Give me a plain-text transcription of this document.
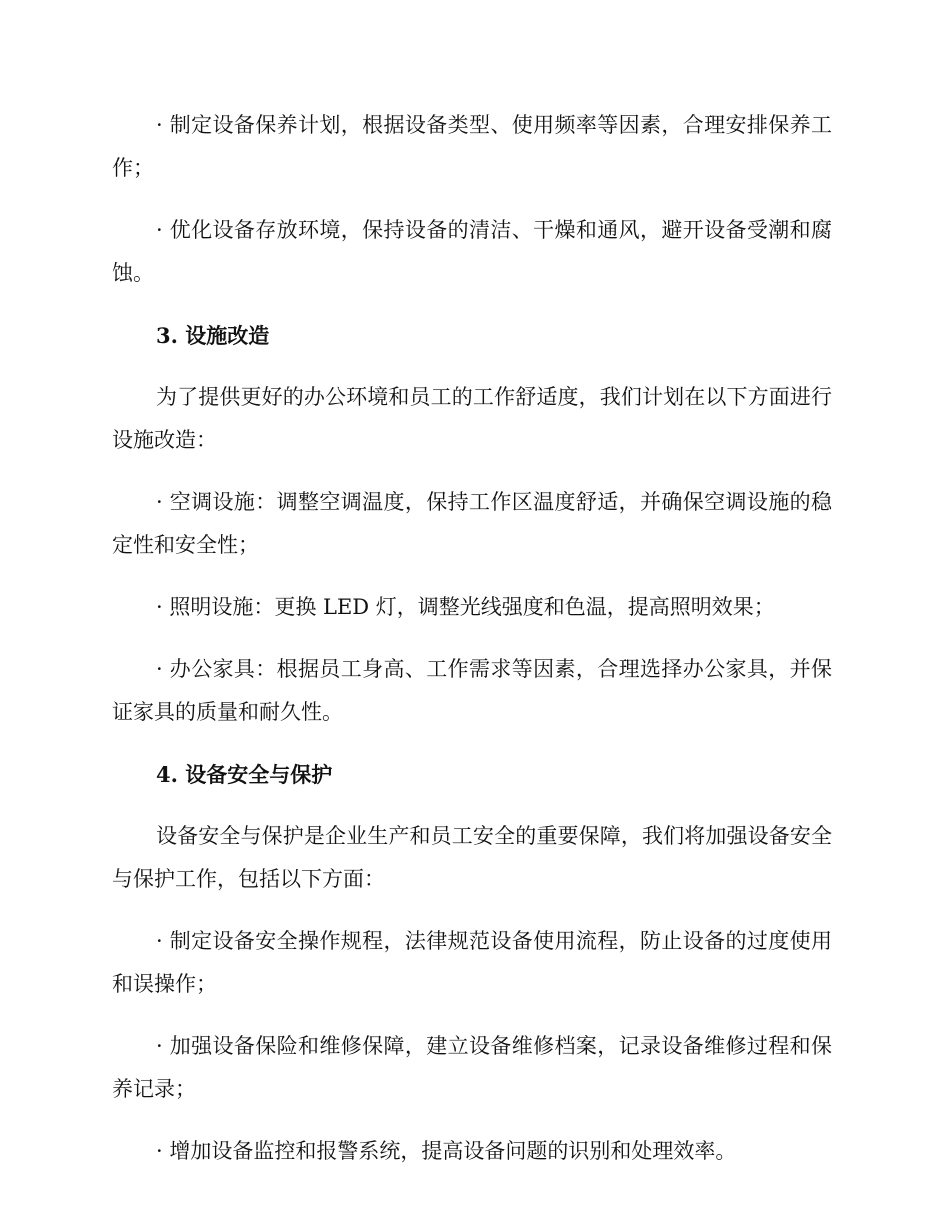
· 制定设备保养计划，根据设备类型、使用频率等因素，合理安排保养工作；

· 优化设备存放环境，保持设备的清洁、干燥和通风，避开设备受潮和腐蚀。

3. 设施改造

为了提供更好的办公环境和员工的工作舒适度，我们计划在以下方面进行设施改造：

· 空调设施：调整空调温度，保持工作区温度舒适，并确保空调设施的稳定性和安全性；

· 照明设施：更换 LED 灯，调整光线强度和色温，提高照明效果；

· 办公家具：根据员工身高、工作需求等因素，合理选择办公家具，并保证家具的质量和耐久性。

4. 设备安全与保护

设备安全与保护是企业生产和员工安全的重要保障，我们将加强设备安全与保护工作，包括以下方面：

· 制定设备安全操作规程，法律规范设备使用流程，防止设备的过度使用和误操作；

· 加强设备保险和维修保障，建立设备维修档案，记录设备维修过程和保养记录；

· 增加设备监控和报警系统，提高设备问题的识别和处理效率。
